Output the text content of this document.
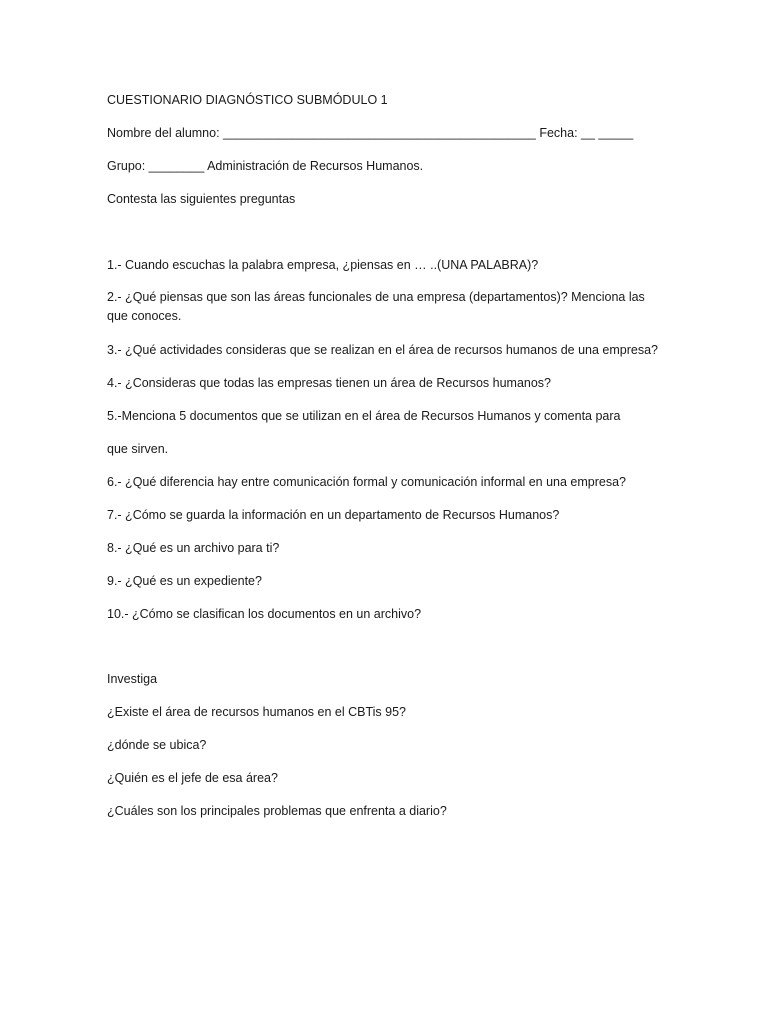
CUESTIONARIO DIAGNÓSTICO SUBMÓDULO 1
Nombre del alumno: _____________________________________________ Fecha: __ _____
Grupo: ________ Administración de Recursos Humanos.
Contesta las siguientes preguntas
1.- Cuando escuchas la palabra empresa, ¿piensas en … ..(UNA PALABRA)?
2.- ¿Qué piensas que son las áreas funcionales de una empresa (departamentos)? Menciona las que conoces.
3.- ¿Qué actividades consideras que se realizan en el área de recursos humanos de una empresa?
4.- ¿Consideras que todas las empresas tienen un área de Recursos humanos?
5.-Menciona 5 documentos que se utilizan en el área de Recursos Humanos y comenta para
que sirven.
6.- ¿Qué diferencia hay entre comunicación formal y comunicación informal en una empresa?
7.- ¿Cómo se guarda la información en un departamento de Recursos Humanos?
8.- ¿Qué es un archivo para ti?
9.- ¿Qué es un expediente?
10.- ¿Cómo se clasifican los documentos en un archivo?
Investiga
¿Existe el área de recursos humanos en el CBTis 95?
¿dónde se ubica?
¿Quién es el jefe de esa área?
¿Cuáles son los principales problemas que enfrenta a diario?
